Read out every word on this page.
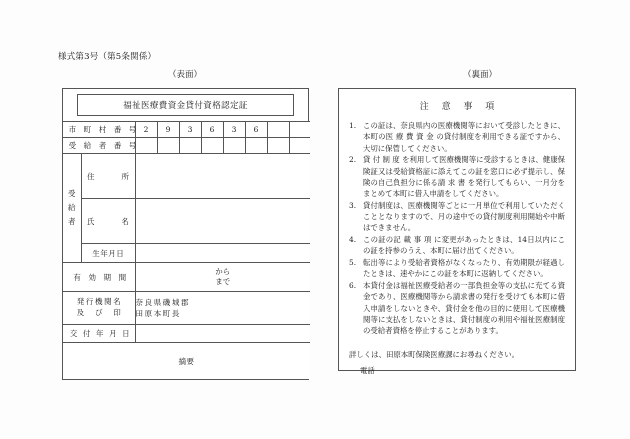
様式第3号（第5条関係）
（表面）	（裏面）
福祉医療費資金貸付資格認定証
市 町 村 番 号		2	9	3	6	3	6		
受 給 者 番 号									

受
給
者	住　　所								
	氏　　名								
	生年月日								
有 効 期 間		から
まで							

発行機関名
及　び　印

奈良県磯城郡
田原本町長

交 付 年 月 日									
摘要									
注 意 事 項
1. この証は、奈良県内の医療機関等において受診したときに、本町の医 療 費 資 金 の貸付制度を利用できる証ですから、大切に保管してください。
2. 貸 付 制 度 を利用して医療機関等に受診するときは、健康保険証又は受給資格証に添えてこの証を窓口に必ず提示し、保険の自己負担分に係る請 求 書 を発行してもらい、一月分をまとめて本町に借入申請をしてください。
3. 貸付制度は、医療機関等ごとに一月単位で利用していただくこととなりますので、月の途中での貸付制度利用開始や中断はできません。
4. この証の記 載 事 項 に変更があったときは、14日以内にこの証を持参のうえ、本町に届け出てください。
5. 転出等により受給者資格がなくなったり、有効期限が経過したときは、速やかにこの証を本町に返納してください。
6. 本貸付金は福祉医療受給者の一部負担金等の支払に充てる資金であり、医療機関等から請求書の発行を受けても本町に借入申請をしないときや、貸付金を他の目的に使用して医療機関等に支払をしないときは、貸付制度の利用や福祉医療制度の受給者資格を停止することがあります。
詳しくは、田原本町保険医療課にお尋ねください。
電話
